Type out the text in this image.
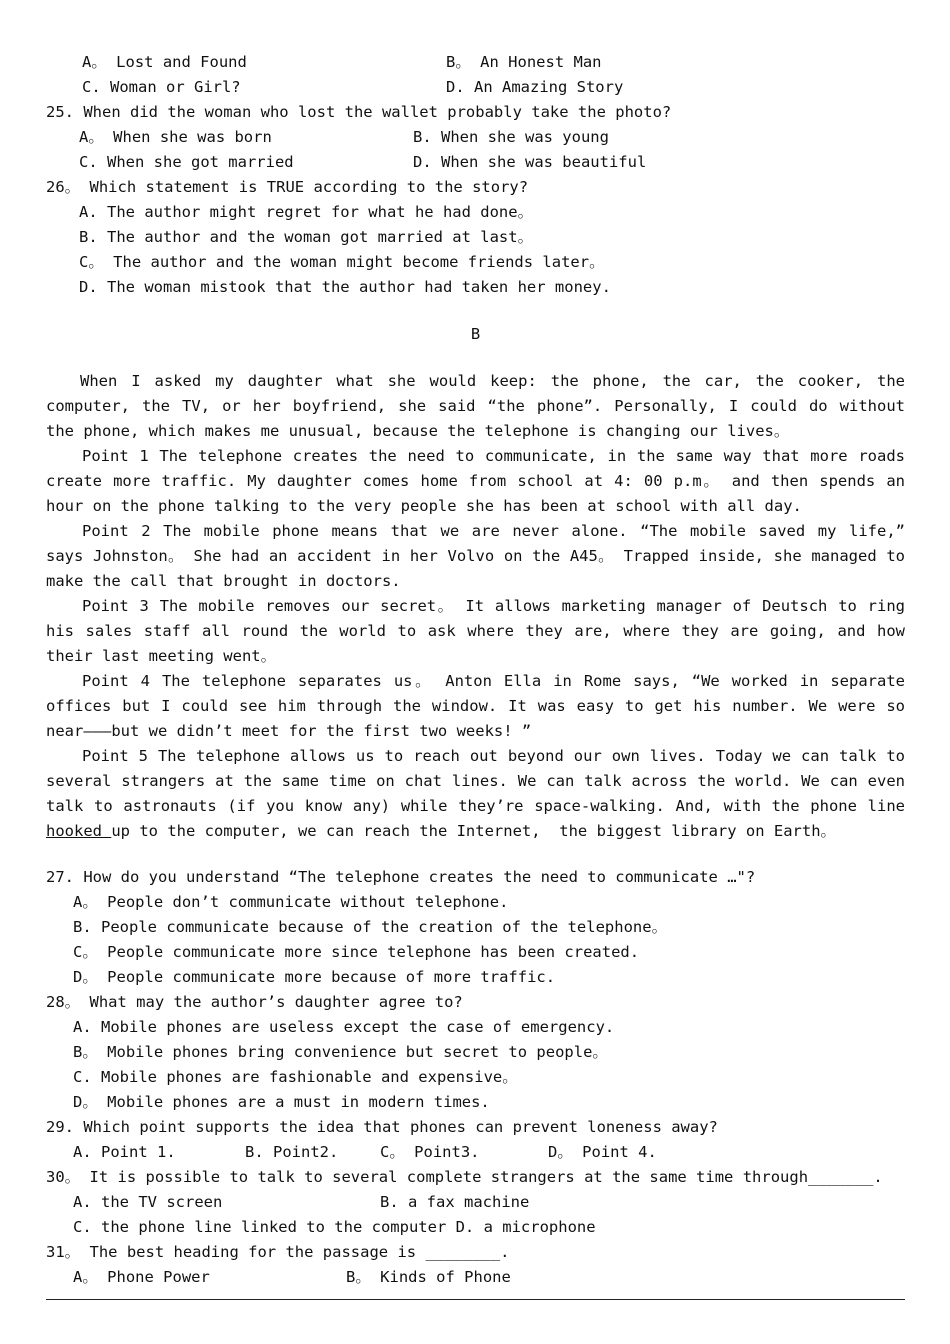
A。 Lost and Found	B。 An Honest Man
C. Woman or Girl?	D. An Amazing Story
25. When did the woman who lost the wallet probably take the photo?
A。 When she was born	B. When she was young
C. When she got married	D. When she was beautiful
26。 Which statement is TRUE according to the story?
A. The author might regret for what he had done。
B. The author and the woman got married at last。
C。 The author and the woman might become friends later。
D. The woman mistook that the author had taken her money.
B
When I asked my daughter what she would keep: the phone, the car, the cooker, the
computer, the TV, or her boyfriend, she said “the phone”. Personally, I could do without
the phone, which makes me unusual, because the telephone is changing our lives。
Point 1 The telephone creates the need to communicate, in the same way that more roads
create more traffic. My daughter comes home from school at 4: 00 p.m。 and then spends an
hour on the phone talking to the very people she has been at school with all day.
Point 2 The mobile phone means that we are never alone. “The mobile saved my life,”
says Johnston。 She had an accident in her Volvo on the A45。 Trapped inside, she managed to
make the call that brought in doctors.
Point 3 The mobile removes our secret。 It allows marketing manager of Deutsch to ring
his sales staff all round the world to ask where they are, where they are going, and how
their last meeting went。
Point 4 The telephone separates us。 Anton Ella in Rome says, “We worked in separate
offices but I could see him through the window. It was easy to get his number. We were so
near———but we didn’t meet for the first two weeks! ”
Point 5 The telephone allows us to reach out beyond our own lives. Today we can talk to
several strangers at the same time on chat lines. We can talk across the world. We can even
talk to astronauts (if you know any) while they’re space-walking. And, with the phone line
hooked up to the computer, we can reach the Internet,  the biggest library on Earth。
27. How do you understand “The telephone creates the need to communicate …"?
A。 People don’t communicate without telephone.
B. People communicate because of the creation of the telephone。
C。 People communicate more since telephone has been created.
D。 People communicate more because of more traffic.
28。 What may the author’s daughter agree to?
A. Mobile phones are useless except the case of emergency.
B。 Mobile phones bring convenience but secret to people。
C. Mobile phones are fashionable and expensive。
D。 Mobile phones are a must in modern times.
29. Which point supports the idea that phones can prevent loneness away?
A. Point 1.	B. Point2.	C。 Point3.	D。 Point 4.
30。 It is possible to talk to several complete strangers at the same time through_______.
A. the TV screen	B. a fax machine
C. the phone line linked to the computer D. a microphone
31。 The best heading for the passage is ________.
A。 Phone Power	B。 Kinds of Phone
